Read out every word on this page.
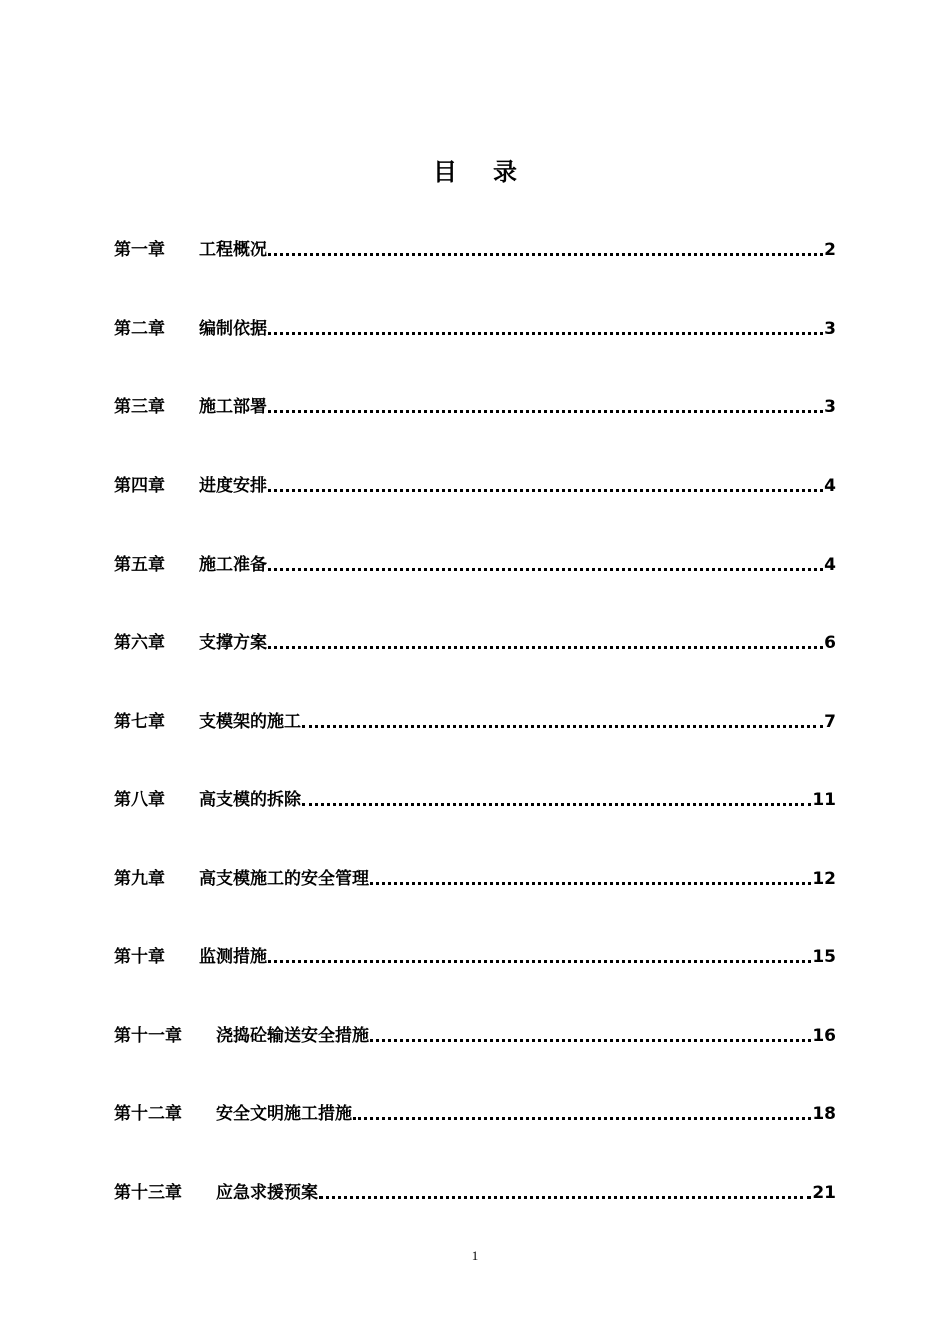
目 录
第一章 工程概况	2
第二章 编制依据	3
第三章 施工部署	3
第四章 进度安排	4
第五章 施工准备	4
第六章 支撑方案	6
第七章 支模架的施工	7
第八章 高支模的拆除	11
第九章 高支模施工的安全管理	12
第十章 监测措施	15
第十一章 浇捣砼输送安全措施	16
第十二章 安全文明施工措施	18
第十三章 应急求援预案	21
1
